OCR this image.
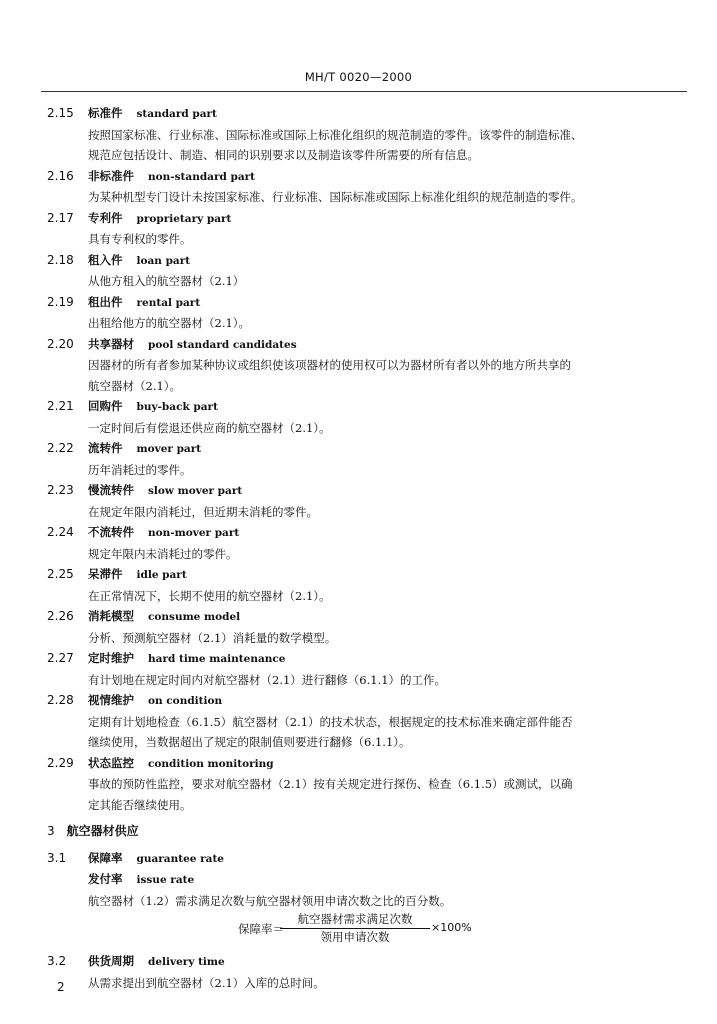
MH/T 0020—2000
2.15 标准件 standard part
按照国家标准、行业标准、国际标准或国际上标准化组织的规范制造的零件。该零件的制造标准、
规范应包括设计、制造、相同的识别要求以及制造该零件所需要的所有信息。
2.16 非标准件 non-standard part
为某种机型专门设计未按国家标准、行业标准、国际标准或国际上标准化组织的规范制造的零件。
2.17 专利件 proprietary part
具有专利权的零件。
2.18 租入件 loan part
从他方租入的航空器材（2.1）
2.19 租出件 rental part
出租给他方的航空器材（2.1）。
2.20 共享器材 pool standard candidates
因器材的所有者参加某种协议或组织使该项器材的使用权可以为器材所有者以外的地方所共享的
航空器材（2.1）。
2.21 回购件 buy-back part
一定时间后有偿退还供应商的航空器材（2.1）。
2.22 流转件 mover part
历年消耗过的零件。
2.23 慢流转件 slow mover part
在规定年限内消耗过，但近期未消耗的零件。
2.24 不流转件 non-mover part
规定年限内未消耗过的零件。
2.25 呆滞件 idle part
在正常情况下，长期不使用的航空器材（2.1）。
2.26 消耗模型 consume model
分析、预测航空器材（2.1）消耗量的数学模型。
2.27 定时维护 hard time maintenance
有计划地在规定时间内对航空器材（2.1）进行翻修（6.1.1）的工作。
2.28 视情维护 on condition
定期有计划地检查（6.1.5）航空器材（2.1）的技术状态，根据规定的技术标准来确定部件能否
继续使用，当数据超出了规定的限制值则要进行翻修（6.1.1）。
2.29 状态监控 condition monitoring
事故的预防性监控，要求对航空器材（2.1）按有关规定进行探伤、检查（6.1.5）或测试，以确
定其能否继续使用。
3 航空器材供应
3.1 保障率 guarantee rate
发付率 issue rate
航空器材（1.2）需求满足次数与航空器材领用申请次数之比的百分数。
保障率＝
航空器材需求满足次数
领用申请次数
×100%
3.2 供货周期 delivery time
从需求提出到航空器材（2.1）入库的总时间。
2
